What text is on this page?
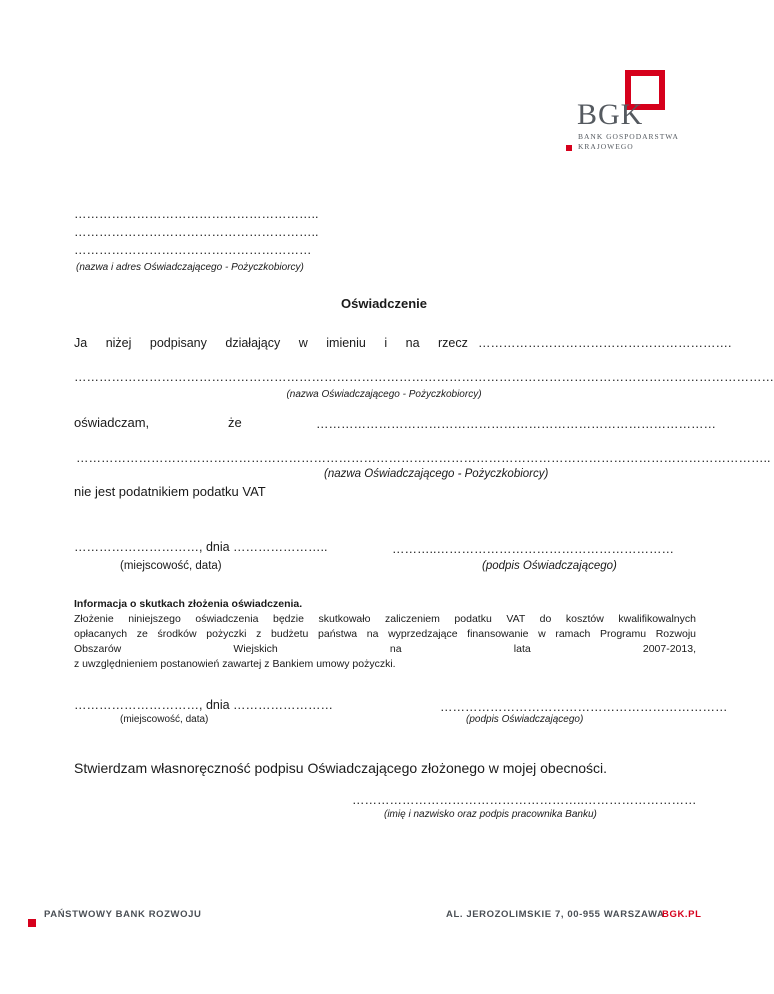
BGK
BANK GOSPODARSTWA
KRAJOWEGO
…………………………………………………..
…………………………………………………..
…………………………………………………
(nazwa i adres Oświadczającego - Pożyczkobiorcy)
Oświadczenie
Ja niżej podpisany działający w imieniu i na rzecz …………………………………………………….
……………………………………………………………………………………………………………………………………………………
(nazwa Oświadczającego - Pożyczkobiorcy)
oświadczam,	że	……………………………………………………………………………………
…………………………………………………………………………………………………………………………………………………..
(nazwa Oświadczającego - Pożyczkobiorcy)
nie jest podatnikiem podatku VAT
…………………………, dnia …………………..
(miejscowość, data)
………..…………………………………………………
(podpis Oświadczającego)
Informacja o skutkach złożenia oświadczenia.
Złożenie niniejszego oświadczenia będzie skutkowało zaliczeniem podatku VAT do kosztów kwalifikowalnych
opłacanych ze środków pożyczki z budżetu państwa na wyprzedzające finansowanie w ramach Programu Rozwoju
Obszarów Wiejskich na lata 2007-2013,
z uwzględnieniem postanowień zawartej z Bankiem umowy pożyczki.
…………………………, dnia ……………………
(miejscowość, data)
……………………………………………………………
(podpis Oświadczającego)
Stwierdzam własnoręczność podpisu Oświadczającego złożonego w mojej obecności.
………………………………………………..………………………
(imię i nazwisko oraz podpis pracownika Banku)
PAŃSTWOWY BANK ROZWOJU	AL. JEROZOLIMSKIE 7, 00-955 WARSZAWA
BGK.PL
